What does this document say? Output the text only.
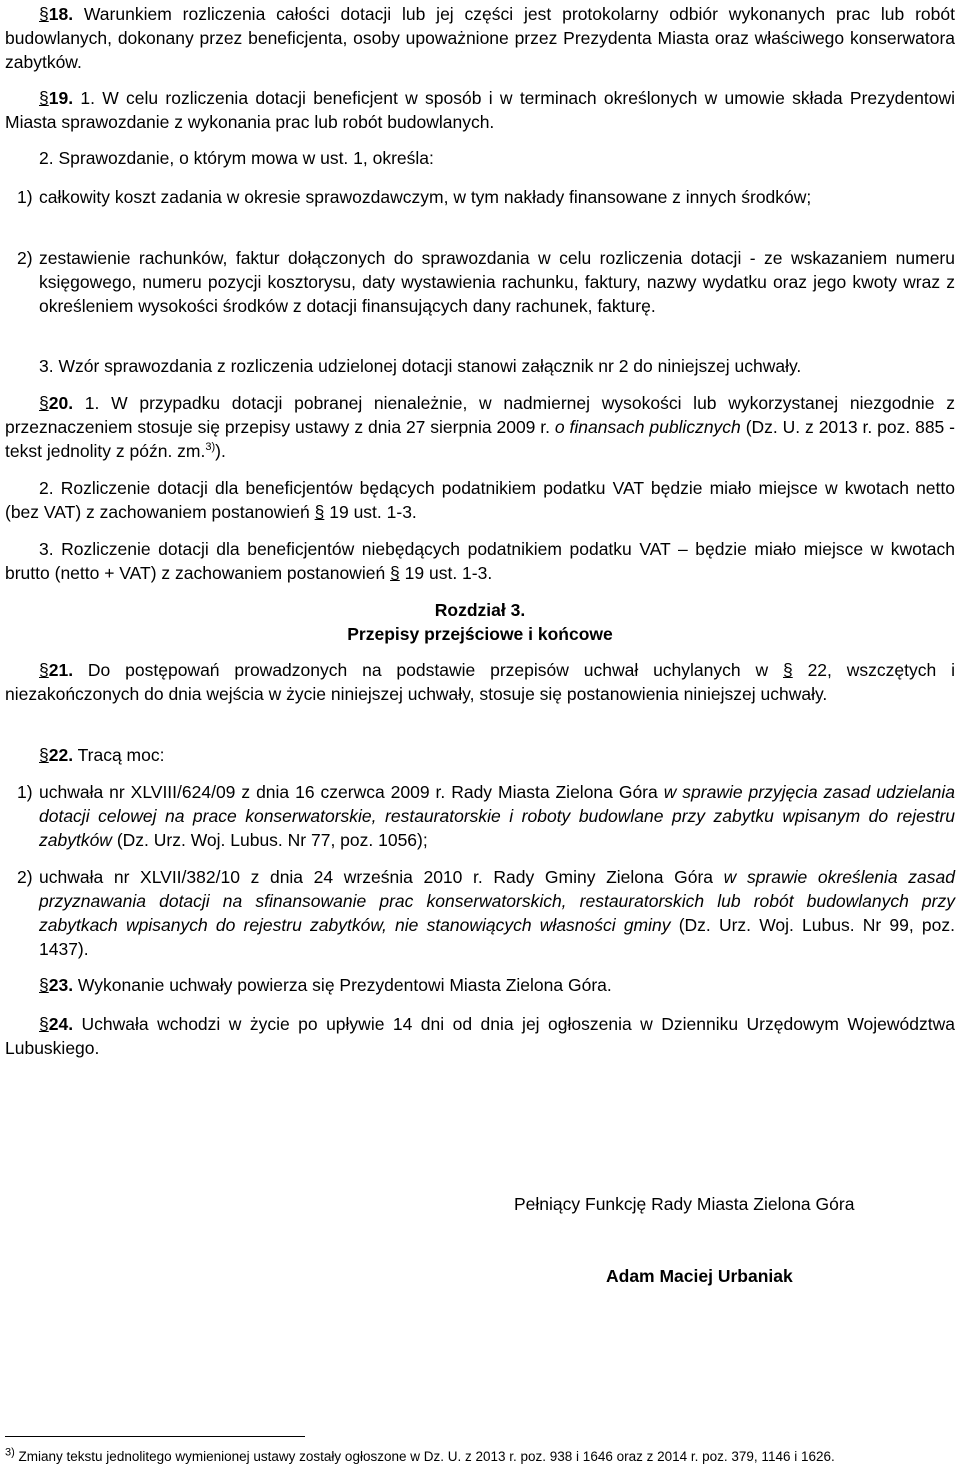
§18. Warunkiem rozliczenia całości dotacji lub jej części jest protokolarny odbiór wykonanych prac lub robót budowlanych, dokonany przez beneficjenta, osoby upoważnione przez Prezydenta Miasta oraz właściwego konserwatora zabytków.

§19. 1. W celu rozliczenia dotacji beneficjent w sposób i w terminach określonych w umowie składa Prezydentowi Miasta sprawozdanie z wykonania prac lub robót budowlanych.

2. Sprawozdanie, o którym mowa w ust. 1, określa:

1) całkowity koszt zadania w okresie sprawozdawczym, w tym nakłady finansowane z innych środków;
2) zestawienie rachunków, faktur dołączonych do sprawozdania w celu rozliczenia dotacji - ze wskazaniem numeru księgowego, numeru pozycji kosztorysu, daty wystawienia rachunku, faktury, nazwy wydatku oraz jego kwoty wraz z określeniem wysokości środków z dotacji finansujących dany rachunek, fakturę.

3. Wzór sprawozdania z rozliczenia udzielonej dotacji stanowi załącznik nr 2 do niniejszej uchwały.

§20. 1. W przypadku dotacji pobranej nienależnie, w nadmiernej wysokości lub wykorzystanej niezgodnie z przeznaczeniem stosuje się przepisy ustawy z dnia 27 sierpnia 2009 r. o finansach publicznych (Dz. U. z 2013 r. poz. 885 - tekst jednolity z późn. zm.$^{3)}$).

2. Rozliczenie dotacji dla beneficjentów będących podatnikiem podatku VAT będzie miało miejsce w kwotach netto (bez VAT) z zachowaniem postanowień § 19 ust. 1-3.

3. Rozliczenie dotacji dla beneficjentów niebędących podatnikiem podatku VAT – będzie miało miejsce w kwotach brutto (netto + VAT) z zachowaniem postanowień § 19 ust. 1-3.

Rozdział 3.

Przepisy przejściowe i końcowe

§21. Do postępowań prowadzonych na podstawie przepisów uchwał uchylanych w § 22, wszczętych i niezakończonych do dnia wejścia w życie niniejszej uchwały, stosuje się postanowienia niniejszej uchwały.

§22. Tracą moc:

1) uchwała nr XLVIII/624/09 z dnia 16 czerwca 2009 r. Rady Miasta Zielona Góra w sprawie przyjęcia zasad udzielania dotacji celowej na prace konserwatorskie, restauratorskie i roboty budowlane przy zabytku wpisanym do rejestru zabytków (Dz. Urz. Woj. Lubus. Nr 77, poz. 1056);
2) uchwała nr XLVII/382/10 z dnia 24 września 2010 r. Rady Gminy Zielona Góra w sprawie określenia zasad przyznawania dotacji na sfinansowanie prac konserwatorskich, restauratorskich lub robót budowlanych przy zabytkach wpisanych do rejestru zabytków, nie stanowiących własności gminy (Dz. Urz. Woj. Lubus. Nr 99, poz. 1437).

§23. Wykonanie uchwały powierza się Prezydentowi Miasta Zielona Góra.

§24. Uchwała wchodzi w życie po upływie 14 dni od dnia jej ogłoszenia w Dzienniku Urzędowym Województwa Lubuskiego.

Pełniący Funkcję Rady Miasta Zielona Góra

Adam Maciej Urbaniak

$^{3)}$ Zmiany tekstu jednolitego wymienionej ustawy zostały ogłoszone w Dz. U. z 2013 r. poz. 938 i 1646 oraz z 2014 r. poz. 379, 1146 i 1626.
